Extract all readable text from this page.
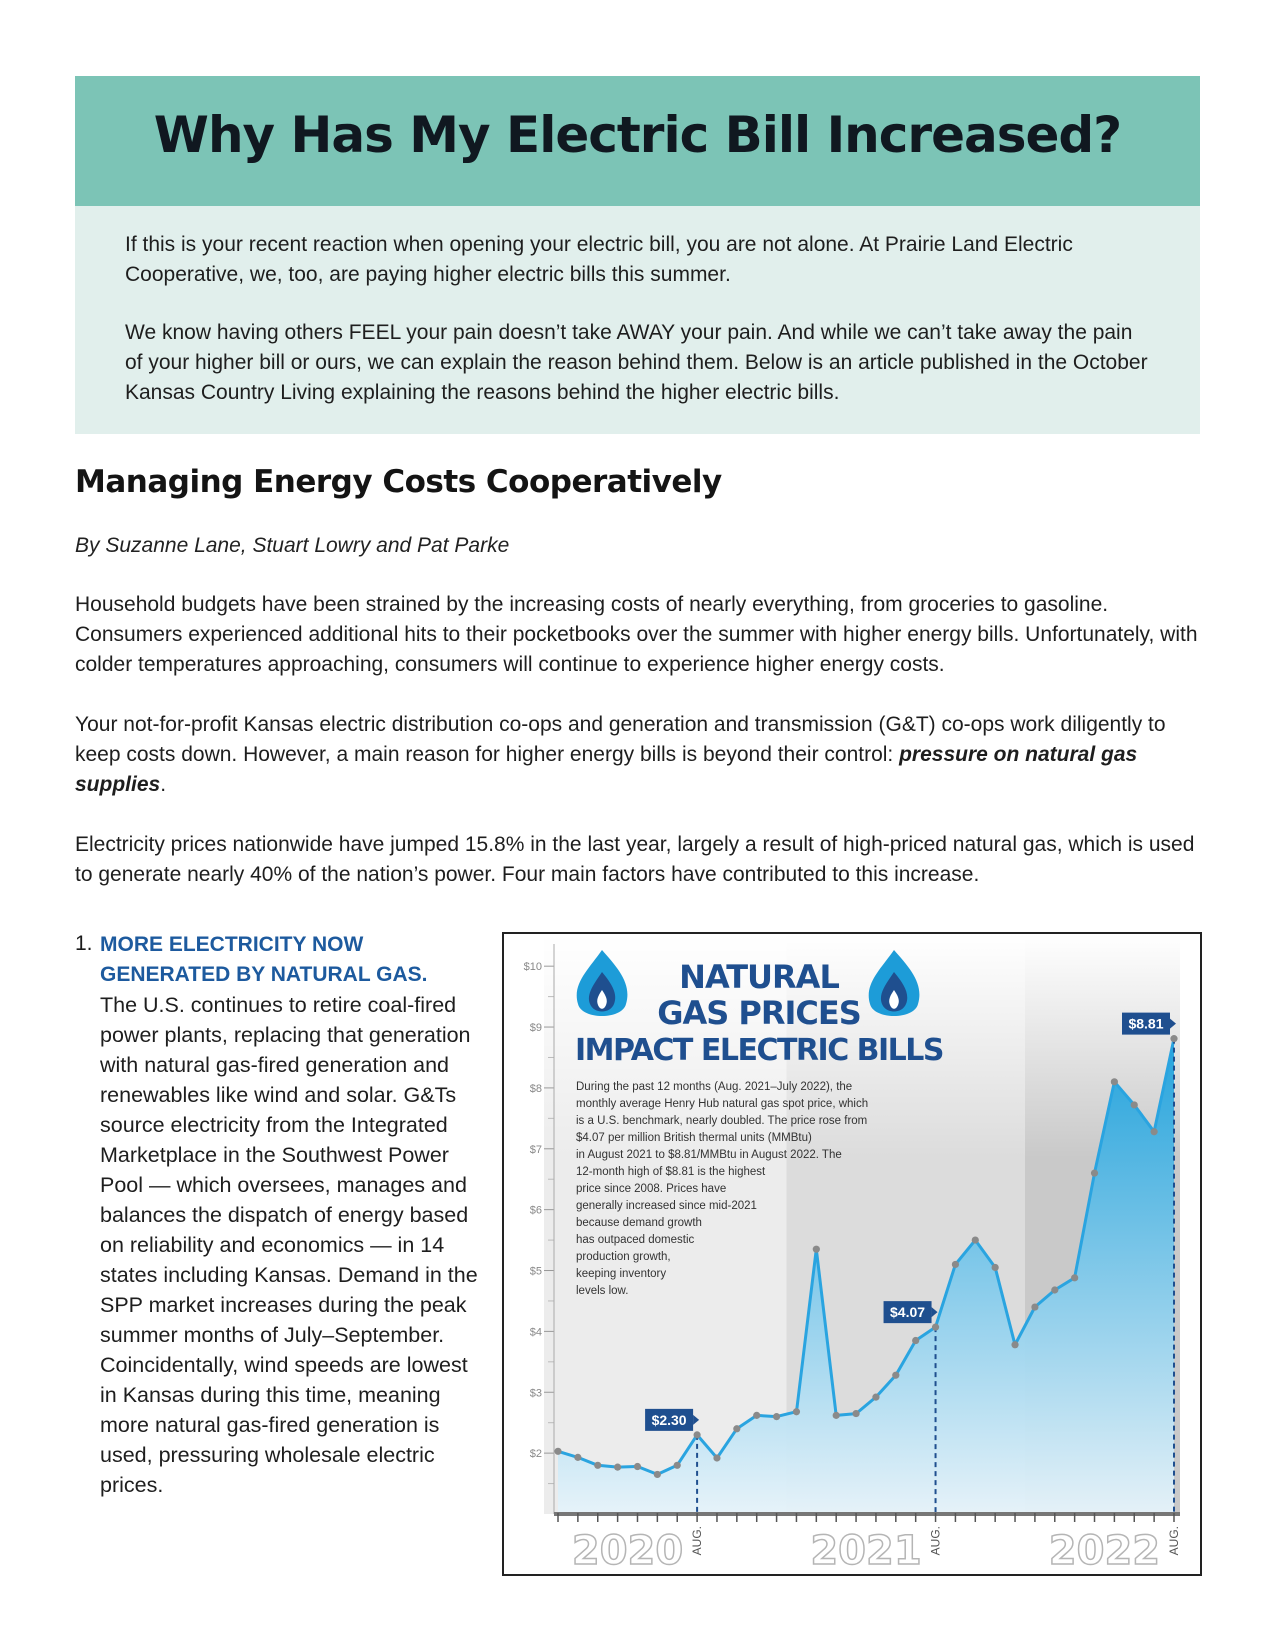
Why Has My Electric Bill Increased?

If this is your recent reaction when opening your electric bill, you are not alone. At Prairie Land Electric Cooperative, we, too, are paying higher electric bills this summer.

We know having others FEEL your pain doesn’t take AWAY your pain. And while we can’t take away the pain of your higher bill or ours, we can explain the reason behind them. Below is an article published in the October Kansas Country Living explaining the reasons behind the higher electric bills.

Managing Energy Costs Cooperatively
By Suzanne Lane, Stuart Lowry and Pat Parke

Household budgets have been strained by the increasing costs of nearly everything, from groceries to gasoline. Consumers experienced additional hits to their pocketbooks over the summer with higher energy bills. Unfortunately, with colder temperatures approaching, consumers will continue to experience higher energy costs.

Your not-for-profit Kansas electric distribution co-ops and generation and transmission (G&T) co-ops work diligently to keep costs down. However, a main reason for higher energy bills is beyond their control: pressure on natural gas supplies.

Electricity prices nationwide have jumped 15.8% in the last year, largely a result of high-priced natural gas, which is used to generate nearly 40% of the nation’s power. Four main factors have contributed to this increase.

1. MORE ELECTRICITY NOW GENERATED BY NATURAL GAS.

The U.S. continues to retire coal-fired power plants, replacing that generation with natural gas-fired generation and renewables like wind and solar. G&Ts source electricity from the Integrated Marketplace in the Southwest Power Pool — which oversees, manages and balances the dispatch of energy based on reliability and economics — in 14 states including Kansas. Demand in the SPP market increases during the peak summer months of July–September. Coincidentally, wind speeds are lowest in Kansas during this time, meaning more natural gas-fired generation is used, pressuring wholesale electric prices.

$10
$9
$8
$7
$6
$5
$4
$3
$2
NATURAL
GAS PRICES
IMPACT ELECTRIC BILLS
$2.30
$4.07
$8.81
During the past 12 months (Aug. 2021–July 2022), the
monthly average Henry Hub natural gas spot price, which
is a U.S. benchmark, nearly doubled. The price rose from
$4.07 per million British thermal units (MMBtu)
in August 2021 to $8.81/MMBtu in August 2022. The
12-month high of $8.81 is the highest
price since 2008. Prices have
generally increased since mid-2021
because demand growth
has outpaced domestic
production growth,
keeping inventory
levels low.
2020	2021	2022
AUG.	AUG.	AUG.
